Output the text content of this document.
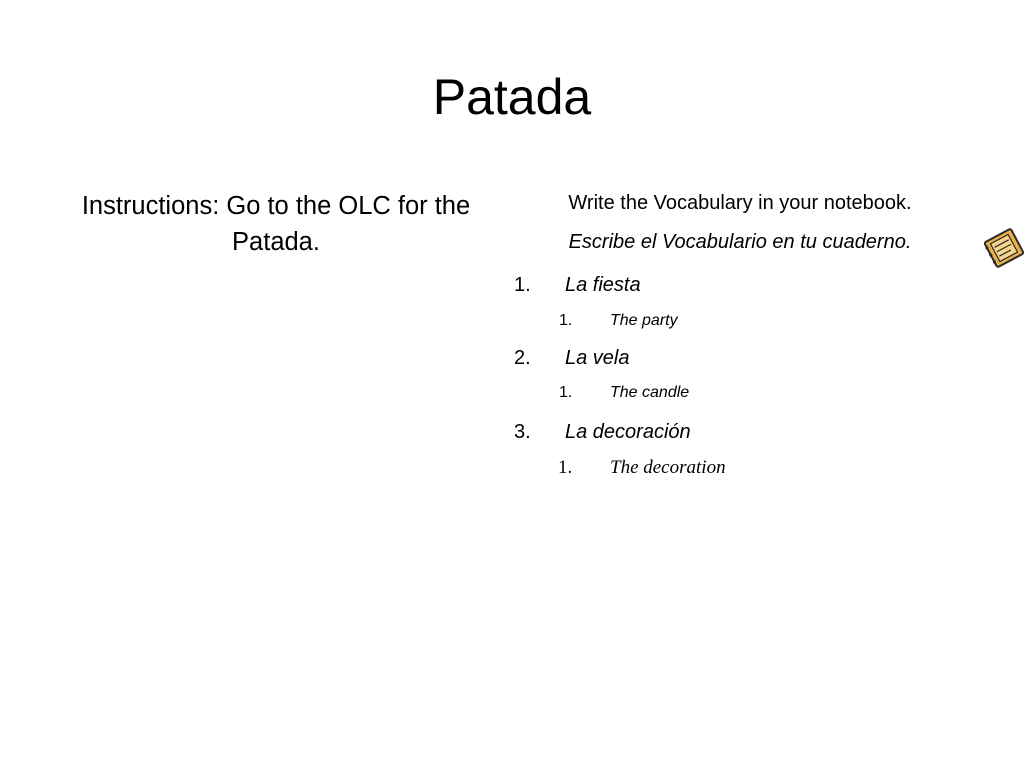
Patada
Instructions: Go to the OLC for the Patada.
Write the Vocabulary in your notebook.
Escribe el Vocabulario en tu cuaderno.
1. La fiesta
1. The party
2. La vela
1. The candle
3. La decoración
1. The decoration
